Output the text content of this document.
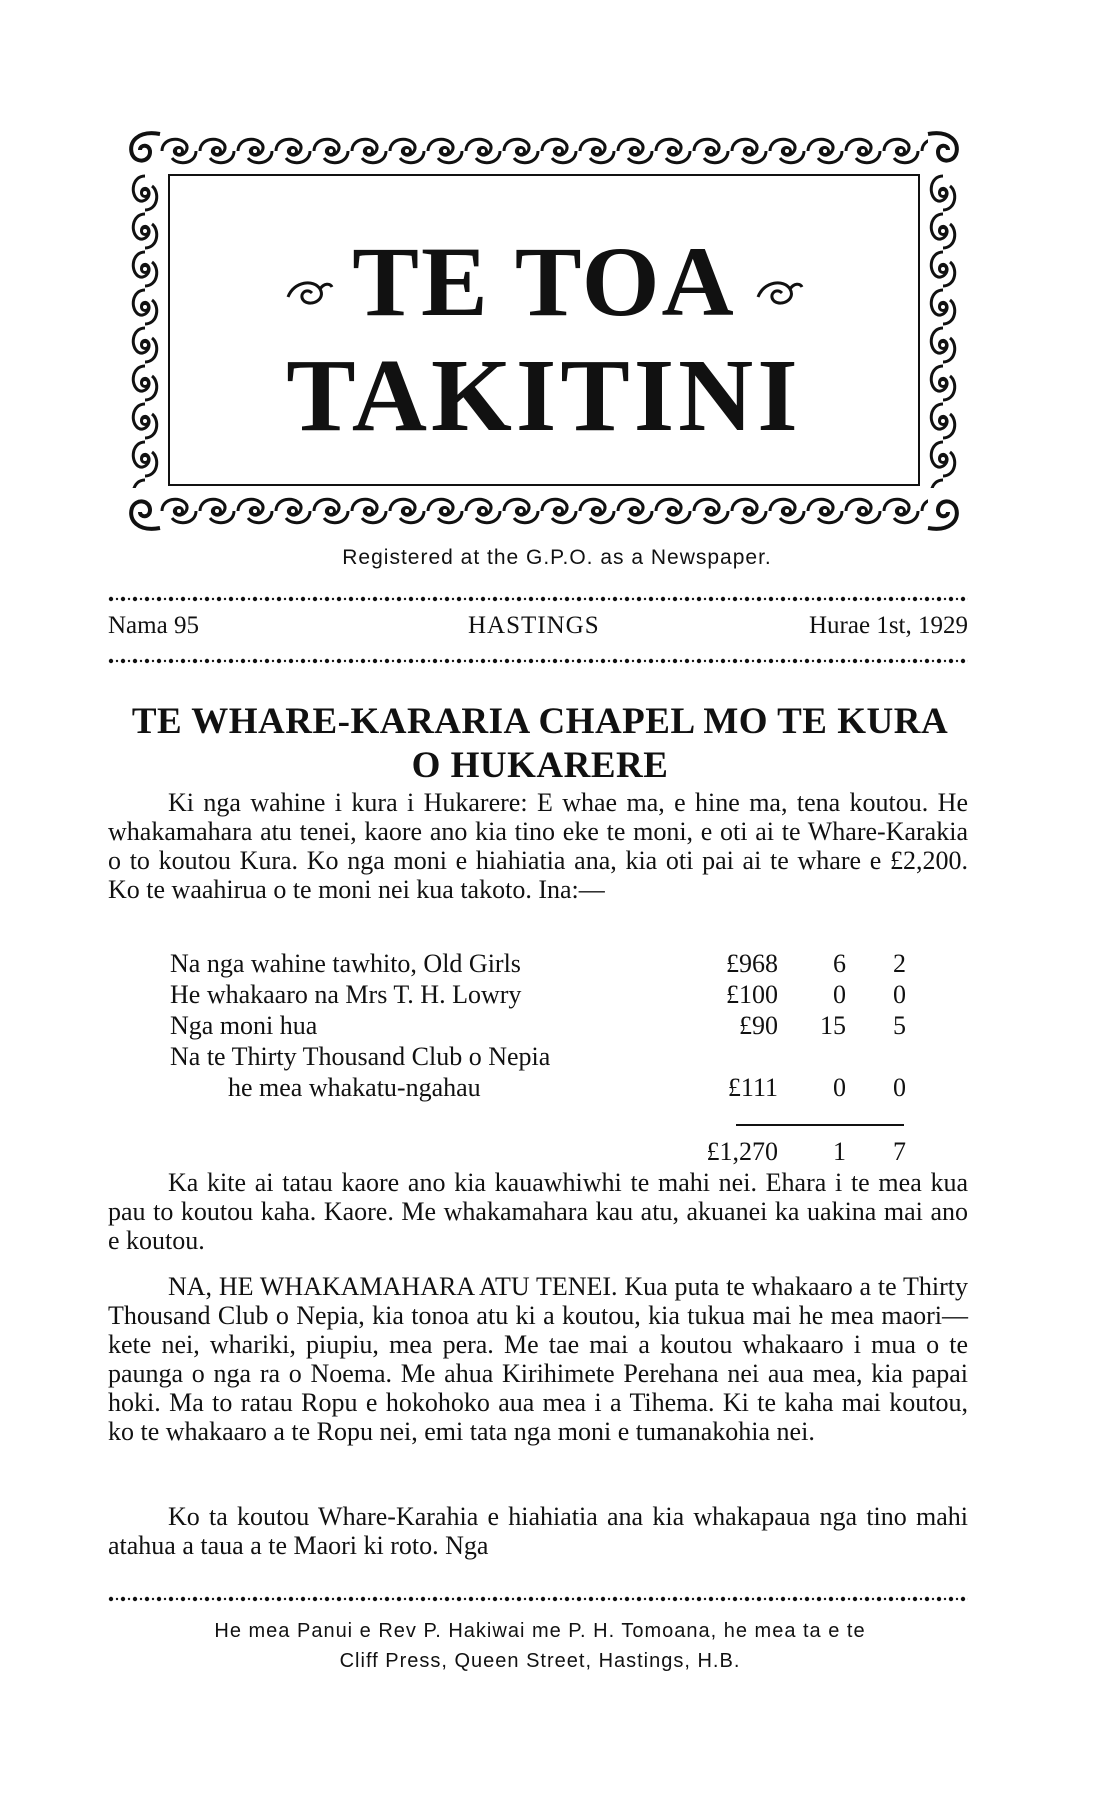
TE TOA
TAKITINI
Registered at the G.P.O. as a Newspaper.
Nama 95	HASTINGS	Hurae 1st, 1929
TE WHARE-KARARIA CHAPEL MO TE KURA
O HUKARERE
Ki nga wahine i kura i Hukarere: E whae ma, e hine ma, tena koutou. He whakamahara atu tenei, kaore ano kia tino eke te moni, e oti ai te Whare-Karakia o to koutou Kura. Ko nga moni e hiahiatia ana, kia oti pai ai te whare e £2,200. Ko te waahirua o te moni nei kua takoto. Ina:—
Na nga wahine tawhito, Old Girls	£968	6	2
He whakaaro na Mrs T. H. Lowry	£100	0	0
Nga moni hua	£90	15	5
Na te Thirty Thousand Club o Nepia
he mea whakatu-ngahau	£111	0	0
£1,270	1	7
Ka kite ai tatau kaore ano kia kauawhiwhi te mahi nei. Ehara i te mea kua pau to koutou kaha. Kaore. Me whakamahara kau atu, akuanei ka uakina mai ano e koutou.
NA, HE WHAKAMAHARA ATU TENEI. Kua puta te whakaaro a te Thirty Thousand Club o Nepia, kia tonoa atu ki a koutou, kia tukua mai he mea maori—kete nei, whariki, piupiu, mea pera. Me tae mai a koutou whakaaro i mua o te paunga o nga ra o Noema. Me ahua Kirihimete Perehana nei aua mea, kia papai hoki. Ma to ratau Ropu e hokohoko aua mea i a Tihema. Ki te kaha mai koutou, ko te whakaaro a te Ropu nei, emi tata nga moni e tumanakohia nei.
Ko ta koutou Whare-Karahia e hiahiatia ana kia whakapaua nga tino mahi atahua a taua a te Maori ki roto. Nga
He mea Panui e Rev P. Hakiwai me P. H. Tomoana, he mea ta e te
Cliff Press, Queen Street, Hastings, H.B.
